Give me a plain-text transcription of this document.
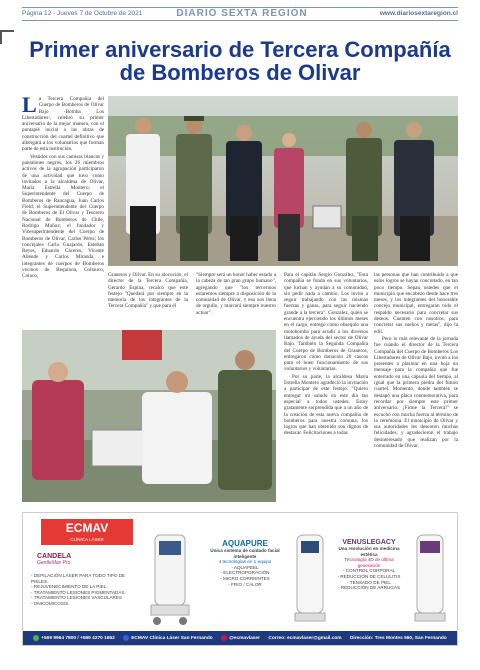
Página 12 - Jueves 7 de Octubre de 2021	DIARIO SEXTA REGIÓN	www.diariosextaregion.cl
Primer aniversario de Tercera Compañía
de Bomberos de Olivar

La Tercera Compañía del Cuerpo de Bomberos de Olivar Bajo -Bomba Los Libertadores-, celebró su primer aniversario de la mejor manera, con el puntapié inicial a las obras de construcción del cuartel definitivo que albergará a los voluntarios que forman parte de esta institución.

Vestidos con sus camisas blancas y pantalones negros, los 26 miembros activos de la agrupación participaron de una actividad que tuvo como invitados a la alcaldesa de Olivar, María Estrella Montero; el Superintendente del Cuerpo de Bomberos de Rancagua, Juan Carlos Field; el Superintendente del Cuerpo de Bomberos de El Olivar y Tesorero Nacional de Bomberos de Chile, Rodrigo Muñoz; el fundador y Vicesuperintendente del Cuerpo de Bomberos de Olivar, Carlos Pérez; los concejales Carla Guajardo, Esteban Reyes, Eduardo Cáceres, Vicente Allende y Carlos Miranda, e integrantes de cuerpos de Bomberos vecinos de Requínoa, Coltauco, Coinco,	Graneros y Olivar. En su alocución, el director de la Tercera Compañía, Gerardo Espina, recalcó que este festejo "Quedará por siempre en la memoria de los integrantes de la Tercera Compañía" y que para él

"Siempre será un honor haber estado a la cabeza de tan gran grupo humano", agregando que "los tercerinos estaremos siempre a disposición de la comunidad de Olivar, y eso nos llena de orgullo, y marcará siempre nuestro actuar".

Para el capitán Sergio González, "Esta compañía se funda en sus voluntarios, que luchan y ayudan a su comunidad, sin pedir nada a cambio. Los invito a seguir trabajando con las mismas fuerzas y ganas, para seguir haciendo grande a la tercera". González, quien se encuentra ejerciendo los últimos meses en el cargo, entregó como obsequio una motobomba para acudir a los diversos llamados de ayuda del sector de Olivar Bajo. También la Segunda Compañía del Cuerpo de Bomberos de Graneros, entregaron como donación 20 cascos para el buen funcionamiento de sus voluntarios y voluntarias.

Por su parte, la alcaldesa María Estrella Montero agradeció la invitación a participar de este festejo. "Quiero entregar mi saludo en este día tan especial a todos ustedes. Estoy gratamente sorprendida que a un año de la creación de esta nueva compañía de bomberos para nuestra comuna, los logros que han obtenido son dignos de destacar. Felicitaciones a todas

las personas que han contribuido a que estos logros se hayan concretado, en tan poco tiempo. Sepan ustedes que el municipio que encabezo desde hace tres meses, y los integrantes del honorable concejo municipal, entregarán todo el respaldo necesario para concretar sus deseos. Cuenten con nosotros, para concretar sus sueños y metas", dijo la edil.

Pero lo más relevante de la jornada fue cuando el director de la Tercera Compañía del Cuerpo de Bomberos Los Libertadores de Olivar Bajo, invitó a los presentes a plasmar en una hoja un mensaje para la compañía que fue enterrado en una cápsula del tiempo, al igual que la primera piedra del futuro cuartel. Momento, donde también se destapó una placa conmemorativa, para recordar por siempre este primer aniversario. ¡Firme la Tercera!" se escuchó con mucha fuerza al término de la ceremonia. El municipio de Olivar y sus autoridades les desearon muchas felicidades, y agradecieron el trabajo desinteresado que realizan por la comunidad de Olivar.

ECMAV
CLÍNICA LÁSER
CANDELA
GentleMax Pro
- DEPILACIÓN LÁSER PARA TODO TIPO DE PIELES.
- REJUVENECIMIENTO DE LA PIEL.
- TRATAMIENTO LESIONES PIGMENTADAS.
- TRATAMIENTO LESIONES VASCULARES
- ONICOMICOSIS.
AQUAPURE
Única sistema de cuidado facial inteligente
4 tecnologías en 1 equipo
- AQUAPEEL
- ELECTROPORACIÓN
- MICRO CORRIENTES
- FRIO / CALOR
VENUSLEGACY
Una revolución en medicina estética
Tecnología 4D de última generación
- CONTROL CORPORAL
- REDUCCIÓN DE CELULITIS
- TENSADO DE PIEL
- REDUCCIÓN DE ARRUGAS
+569 9964 7800 / +569 4270 1652	ECMAV Clínica Láser San Fernando	@ecmavlaser Correo: ecmavlaser@gmail.com Dirección: Tres Montes 560, San Fernando
